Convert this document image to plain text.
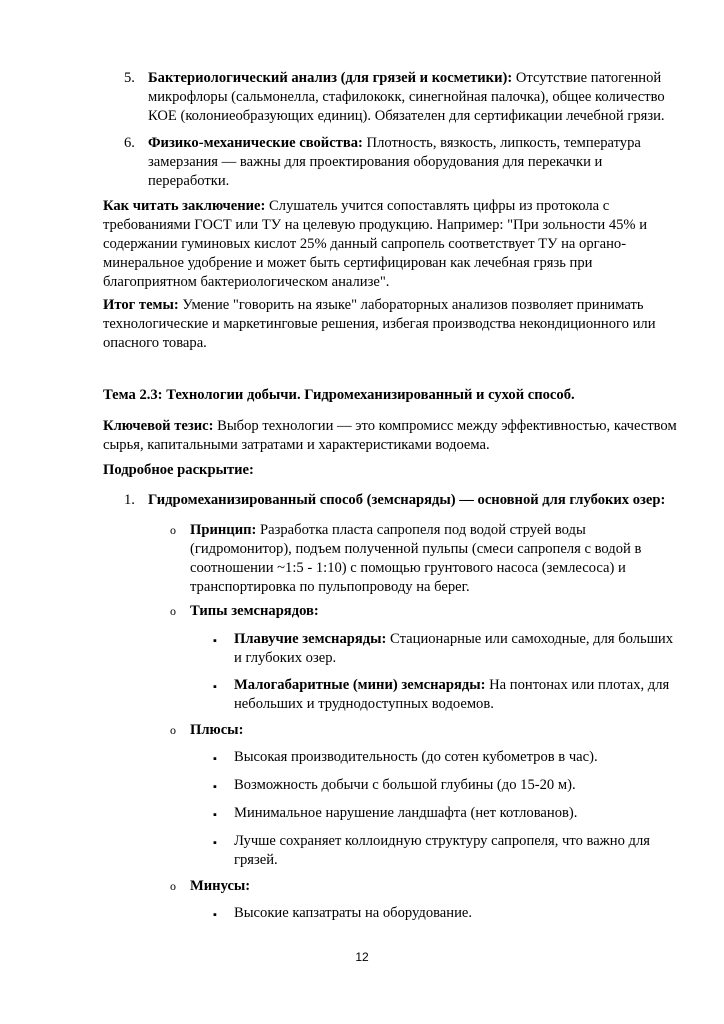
5. Бактериологический анализ (для грязей и косметики): Отсутствие патогенной микрофлоры (сальмонелла, стафилококк, синегнойная палочка), общее количество КОЕ (колониеобразующих единиц). Обязателен для сертификации лечебной грязи.
6. Физико-механические свойства: Плотность, вязкость, липкость, температура замерзания — важны для проектирования оборудования для перекачки и переработки.
Как читать заключение: Слушатель учится сопоставлять цифры из протокола с требованиями ГОСТ или ТУ на целевую продукцию. Например: "При зольности 45% и содержании гуминовых кислот 25% данный сапропель соответствует ТУ на органо-минеральное удобрение и может быть сертифицирован как лечебная грязь при благоприятном бактериологическом анализе".
Итог темы: Умение "говорить на языке" лабораторных анализов позволяет принимать технологические и маркетинговые решения, избегая производства некондиционного или опасного товара.
Тема 2.3: Технологии добычи. Гидромеханизированный и сухой способ.
Ключевой тезис: Выбор технологии — это компромисс между эффективностью, качеством сырья, капитальными затратами и характеристиками водоема.
Подробное раскрытие:
1. Гидромеханизированный способ (земснаряды) — основной для глубоких озер:
o Принцип: Разработка пласта сапропеля под водой струей воды (гидромонитор), подъем полученной пульпы (смеси сапропеля с водой в соотношении ~1:5 - 1:10) с помощью грунтового насоса (землесоса) и транспортировка по пульпопроводу на берег.
o Типы земснарядов:
▪ Плавучие земснаряды: Стационарные или самоходные, для больших и глубоких озер.
▪ Малогабаритные (мини) земснаряды: На понтонах или плотах, для небольших и труднодоступных водоемов.
o Плюсы:
▪ Высокая производительность (до сотен кубометров в час).
▪ Возможность добычи с большой глубины (до 15-20 м).
▪ Минимальное нарушение ландшафта (нет котлованов).
▪ Лучше сохраняет коллоидную структуру сапропеля, что важно для грязей.
o Минусы:
▪ Высокие капзатраты на оборудование.
12
